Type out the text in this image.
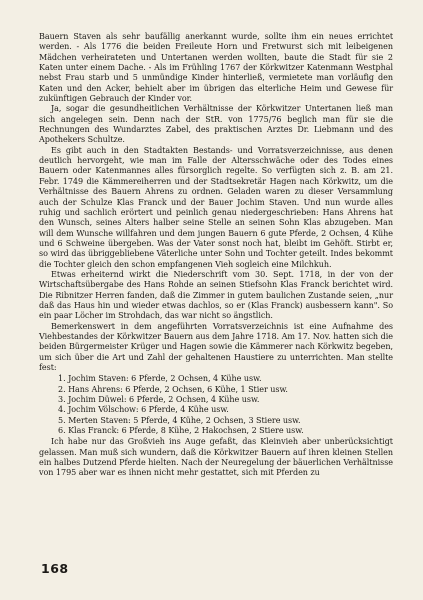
Bauern Staven als sehr baufällig anerkannt wurde, sollte ihm ein neues errichtet werden. - Als 1776 die beiden Freileute Horn und Fretwurst sich mit leibeigenen Mädchen verheirateten und Untertanen werden wollten, baute die Stadt für sie 2 Katen unter einem Dache. - Als im Frühling 1767 der Körkwitzer Katenmann Westphal nebst Frau starb und 5 unmündige Kinder hinterließ, vermietete man vorläufig den Katen und den Acker, behielt aber im übrigen das elterliche Heim und Gewese für zukünftigen Gebrauch der Kinder vor.

Ja, sogar die gesundheitlichen Verhältnisse der Körkwitzer Untertanen ließ man sich angelegen sein. Denn nach der StR. von 1775/76 beglich man für sie die Rechnungen des Wundarztes Zabel, des praktischen Arztes Dr. Liebmann und des Apothekers Schultze.

Es gibt auch in den Stadtakten Bestands- und Vorratsverzeichnisse, aus denen deutlich hervorgeht, wie man im Falle der Altersschwäche oder des Todes eines Bauern oder Katenmannes alles fürsorglich regelte. So verfügten sich z. B. am 21. Febr. 1749 die Kämmereiherren und der Stadtsekretär Hagen nach Körkwitz, um die Verhältnisse des Bauern Ahrens zu ordnen. Geladen waren zu dieser Versammlung auch der Schulze Klas Franck und der Bauer Jochim Staven. Und nun wurde alles ruhig und sachlich erörtert und peinlich genau niedergeschrieben: Hans Ahrens hat den Wunsch, seines Alters halber seine Stelle an seinen Sohn Klas abzugeben. Man will dem Wunsche willfahren und dem jungen Bauern 6 gute Pferde, 2 Ochsen, 4 Kühe und 6 Schweine übergeben. Was der Vater sonst noch hat, bleibt im Gehöft. Stirbt er, so wird das übriggebliebene Väterliche unter Sohn und Tochter geteilt. Indes bekommt die Tochter gleich den schon empfangenen Vieh sogleich eine Milchkuh.

Etwas erheiternd wirkt die Niederschrift vom 30. Sept. 1718, in der von der Wirtschaftsübergabe des Hans Rohde an seinen Stiefsohn Klas Franck berichtet wird. Die Ribnitzer Herren fanden, daß die Zimmer in gutem baulichen Zustande seien, „nur daß das Haus hin und wieder etwas dachlos, so er (Klas Franck) ausbessern kann". So ein paar Löcher im Strohdach, das war nicht so ängstlich.

Bemerkenswert in dem angeführten Vorratsverzeichnis ist eine Aufnahme des Viehbestandes der Körkwitzer Bauern aus dem Jahre 1718. Am 17. Nov. hatten sich die beiden Bürgermeister Krüger und Hagen sowie die Kämmerer nach Körkwitz begeben, um sich über die Art und Zahl der gehaltenen Haustiere zu unterrichten. Man stellte fest:

1. Jochim Staven: 6 Pferde, 2 Ochsen, 4 Kühe usw.
2. Hans Ahrens: 6 Pferde, 2 Ochsen, 6 Kühe, 1 Stier usw.
3. Jochim Düwel: 6 Pferde, 2 Ochsen, 4 Kühe usw.
4. Jochim Völschow: 6 Pferde, 4 Kühe usw.
5. Merten Staven: 5 Pferde, 4 Kühe, 2 Ochsen, 3 Stiere usw.
6. Klas Franck: 6 Pferde, 8 Kühe, 2 Hakochsen, 2 Stiere usw.

Ich habe nur das Großvieh ins Auge gefaßt, das Kleinvieh aber unberücksichtigt gelassen. Man muß sich wundern, daß die Körkwitzer Bauern auf ihren kleinen Stellen ein halbes Dutzend Pferde hielten. Nach der Neuregelung der bäuerlichen Verhältnisse von 1795 aber war es ihnen nicht mehr gestattet, sich mit Pferden zu

168
